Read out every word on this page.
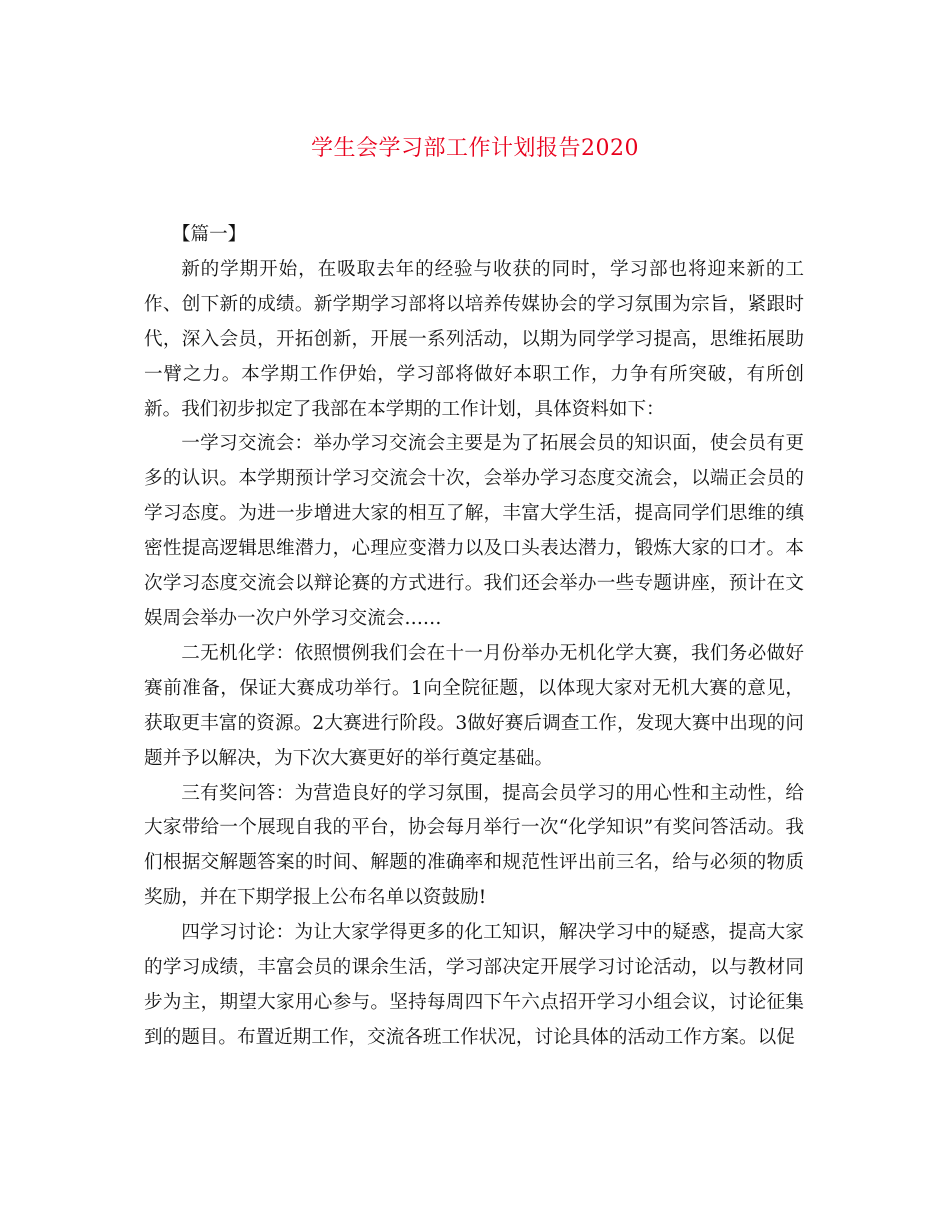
学生会学习部工作计划报告2020

【篇一】

新的学期开始，在吸取去年的经验与收获的同时，学习部也将迎来新的工作、创下新的成绩。新学期学习部将以培养传媒协会的学习氛围为宗旨，紧跟时代，深入会员，开拓创新，开展一系列活动，以期为同学学习提高，思维拓展助一臂之力。本学期工作伊始，学习部将做好本职工作，力争有所突破，有所创新。我们初步拟定了我部在本学期的工作计划，具体资料如下：

一学习交流会：举办学习交流会主要是为了拓展会员的知识面，使会员有更多的认识。本学期预计学习交流会十次，会举办学习态度交流会，以端正会员的学习态度。为进一步增进大家的相互了解，丰富大学生活，提高同学们思维的缜密性提高逻辑思维潜力，心理应变潜力以及口头表达潜力，锻炼大家的口才。本次学习态度交流会以辩论赛的方式进行。我们还会举办一些专题讲座，预计在文娱周会举办一次户外学习交流会……

二无机化学：依照惯例我们会在十一月份举办无机化学大赛，我们务必做好赛前准备，保证大赛成功举行。1向全院征题，以体现大家对无机大赛的意见，获取更丰富的资源。2大赛进行阶段。3做好赛后调查工作，发现大赛中出现的问题并予以解决，为下次大赛更好的举行奠定基础。

三有奖问答：为营造良好的学习氛围，提高会员学习的用心性和主动性，给大家带给一个展现自我的平台，协会每月举行一次“化学知识”有奖问答活动。我们根据交解题答案的时间、解题的准确率和规范性评出前三名，给与必须的物质奖励，并在下期学报上公布名单以资鼓励!

四学习讨论：为让大家学得更多的化工知识，解决学习中的疑惑，提高大家的学习成绩，丰富会员的课余生活，学习部决定开展学习讨论活动，以与教材同步为主，期望大家用心参与。坚持每周四下午六点招开学习小组会议，讨论征集到的题目。布置近期工作，交流各班工作状况，讨论具体的活动工作方案。以促
